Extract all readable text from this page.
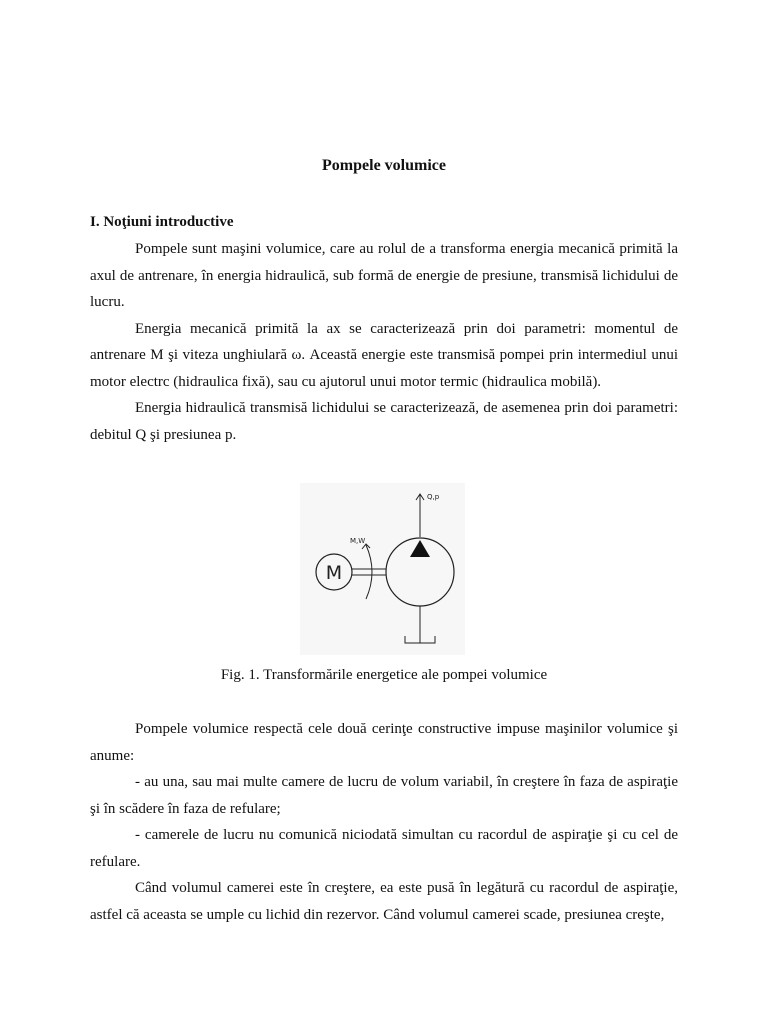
Pompele volumice
I. Noţiuni introductive

Pompele sunt maşini volumice, care au rolul de a transforma energia mecanică primită la axul de antrenare, în energia hidraulică, sub formă de energie de presiune, transmisă lichidului de lucru.

Energia mecanică primită la ax se caracterizează prin doi parametri: momentul de antrenare M şi viteza unghiulară ω. Această energie este transmisă pompei prin intermediul unui motor electrc (hidraulica fixă), sau cu ajutorul unui motor termic (hidraulica mobilă).

Energia hidraulică transmisă lichidului se caracterizează, de asemenea prin doi parametri: debitul Q şi presiunea p.

Q,p
M
M,W

Fig. 1. Transformările energetice ale pompei volumice

Pompele volumice respectă cele două cerinţe constructive impuse maşinilor volumice şi anume:

- au una, sau mai multe camere de lucru de volum variabil, în creştere în faza de aspiraţie şi în scădere în faza de refulare;

- camerele de lucru nu comunică niciodată simultan cu racordul de aspiraţie şi cu cel de refulare.

Când volumul camerei este în creştere, ea este pusă în legătură cu racordul de aspiraţie, astfel că aceasta se umple cu lichid din rezervor. Când volumul camerei scade, presiunea creşte,
